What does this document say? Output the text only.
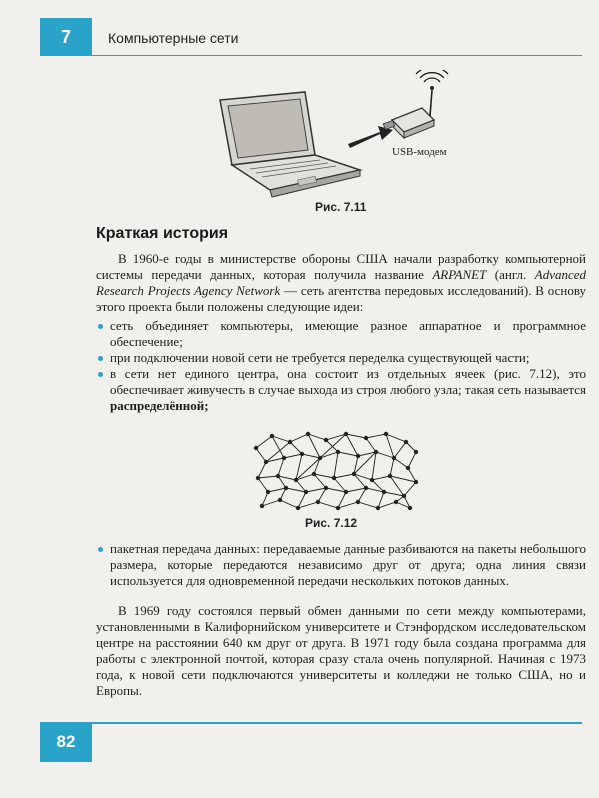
7	Компьютерные сети
USB-модем
Рис. 7.11
Краткая история

В 1960-е годы в министерстве обороны США начали разработку компьютерной системы передачи данных, которая получила название ARPANET (англ. Advanced Research Projects Agency Network — сеть агентства передовых исследований). В основу этого проекта были положены следующие идеи:

сеть объединяет компьютеры, имеющие разное аппаратное и программное обеспечение;
при подключении новой сети не требуется переделка существующей части;
в сети нет единого центра, она состоит из отдельных ячеек (рис. 7.12), это обеспечивает живучесть в случае выхода из строя любого узла; такая сеть называется распределённой;
Рис. 7.12
пакетная передача данных: передаваемые данные разбиваются на пакеты небольшого размера, которые передаются независимо друг от друга; одна линия связи используется для одновременной передачи нескольких потоков данных.

В 1969 году состоялся первый обмен данными по сети между компьютерами, установленными в Калифорнийском университете и Стэнфордском исследовательском центре на расстоянии 640 км друг от друга. В 1971 году была создана программа для работы с электронной почтой, которая сразу стала очень популярной. Начиная с 1973 года, к новой сети подключаются университеты и колледжи не только США, но и Европы.

82
